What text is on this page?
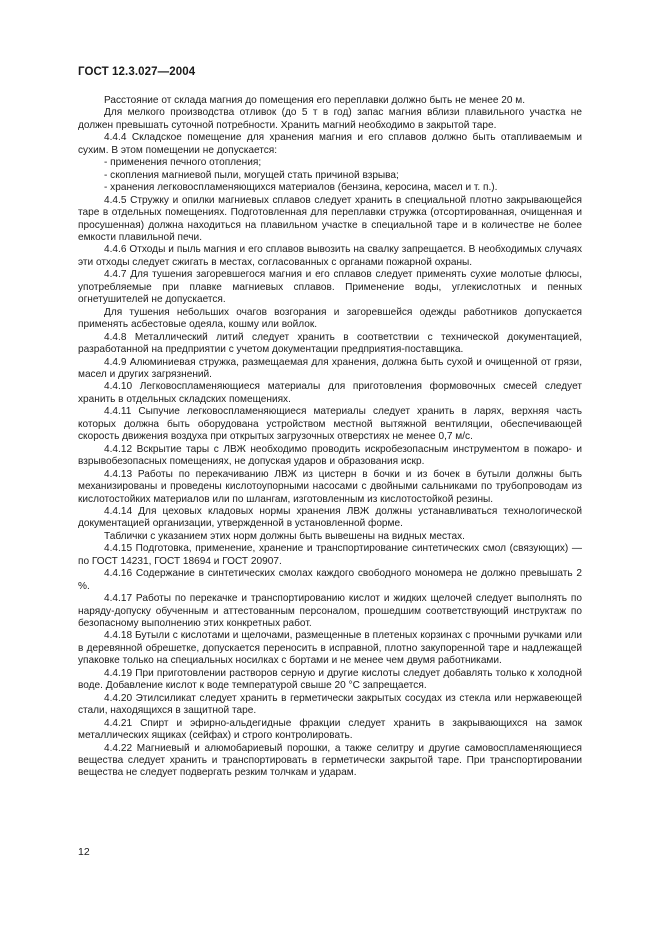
ГОСТ 12.3.027—2004

Расстояние от склада магния до помещения его переплавки должно быть не менее 20 м.

Для мелкого производства отливок (до 5 т в год) запас магния вблизи плавильного участка не должен превышать суточной потребности. Хранить магний необходимо в закрытой таре.

4.4.4 Складское помещение для хранения магния и его сплавов должно быть отапливаемым и сухим. В этом помещении не допускается:

- применения печного отопления;

- скопления магниевой пыли, могущей стать причиной взрыва;

- хранения легковоспламеняющихся материалов (бензина, керосина, масел и т. п.).

4.4.5 Стружку и опилки магниевых сплавов следует хранить в специальной плотно закрывающейся таре в отдельных помещениях. Подготовленная для переплавки стружка (отсортированная, очищенная и просушенная) должна находиться на плавильном участке в специальной таре и в количестве не более емкости плавильной печи.

4.4.6 Отходы и пыль магния и его сплавов вывозить на свалку запрещается. В необходимых случаях эти отходы следует сжигать в местах, согласованных с органами пожарной охраны.

4.4.7 Для тушения загоревшегося магния и его сплавов следует применять сухие молотые флюсы, употребляемые при плавке магниевых сплавов. Применение воды, углекислотных и пенных огнетушителей не допускается.

Для тушения небольших очагов возгорания и загоревшейся одежды работников допускается применять асбестовые одеяла, кошму или войлок.

4.4.8 Металлический литий следует хранить в соответствии с технической документацией, разработанной на предприятии с учетом документации предприятия-поставщика.

4.4.9 Алюминиевая стружка, размещаемая для хранения, должна быть сухой и очищенной от грязи, масел и других загрязнений.

4.4.10 Легковоспламеняющиеся материалы для приготовления формовочных смесей следует хранить в отдельных складских помещениях.

4.4.11 Сыпучие легковоспламеняющиеся материалы следует хранить в ларях, верхняя часть которых должна быть оборудована устройством местной вытяжной вентиляции, обеспечивающей скорость движения воздуха при открытых загрузочных отверстиях не менее 0,7 м/с.

4.4.12 Вскрытие тары с ЛВЖ необходимо проводить искробезопасным инструментом в пожаро- и взрывобезопасных помещениях, не допуская ударов и образования искр.

4.4.13 Работы по перекачиванию ЛВЖ из цистерн в бочки и из бочек в бутыли должны быть механизированы и проведены кислотоупорными насосами с двойными сальниками по трубопроводам из кислотостойких материалов или по шлангам, изготовленным из кислотостойкой резины.

4.4.14 Для цеховых кладовых нормы хранения ЛВЖ должны устанавливаться технологической документацией организации, утвержденной в установленной форме.

Таблички с указанием этих норм должны быть вывешены на видных местах.

4.4.15 Подготовка, применение, хранение и транспортирование синтетических смол (связующих) — по ГОСТ 14231, ГОСТ 18694 и ГОСТ 20907.

4.4.16 Содержание в синтетических смолах каждого свободного мономера не должно превышать 2 %.

4.4.17 Работы по перекачке и транспортированию кислот и жидких щелочей следует выполнять по наряду-допуску обученным и аттестованным персоналом, прошедшим соответствующий инструктаж по безопасному выполнению этих конкретных работ.

4.4.18 Бутыли с кислотами и щелочами, размещенные в плетеных корзинах с прочными ручками или в деревянной обрешетке, допускается переносить в исправной, плотно закупоренной таре и надлежащей упаковке только на специальных носилках с бортами и не менее чем двумя работниками.

4.4.19 При приготовлении растворов серную и другие кислоты следует добавлять только к холодной воде. Добавление кислот к воде температурой свыше 20 °С запрещается.

4.4.20 Этилсиликат следует хранить в герметически закрытых сосудах из стекла или нержавеющей стали, находящихся в защитной таре.

4.4.21 Спирт и эфирно-альдегидные фракции следует хранить в закрывающихся на замок металлических ящиках (сейфах) и строго контролировать.

4.4.22 Магниевый и алюмобариевый порошки, а также селитру и другие самовоспламеняющиеся вещества следует хранить и транспортировать в герметически закрытой таре. При транспортировании вещества не следует подвергать резким толчкам и ударам.

12
